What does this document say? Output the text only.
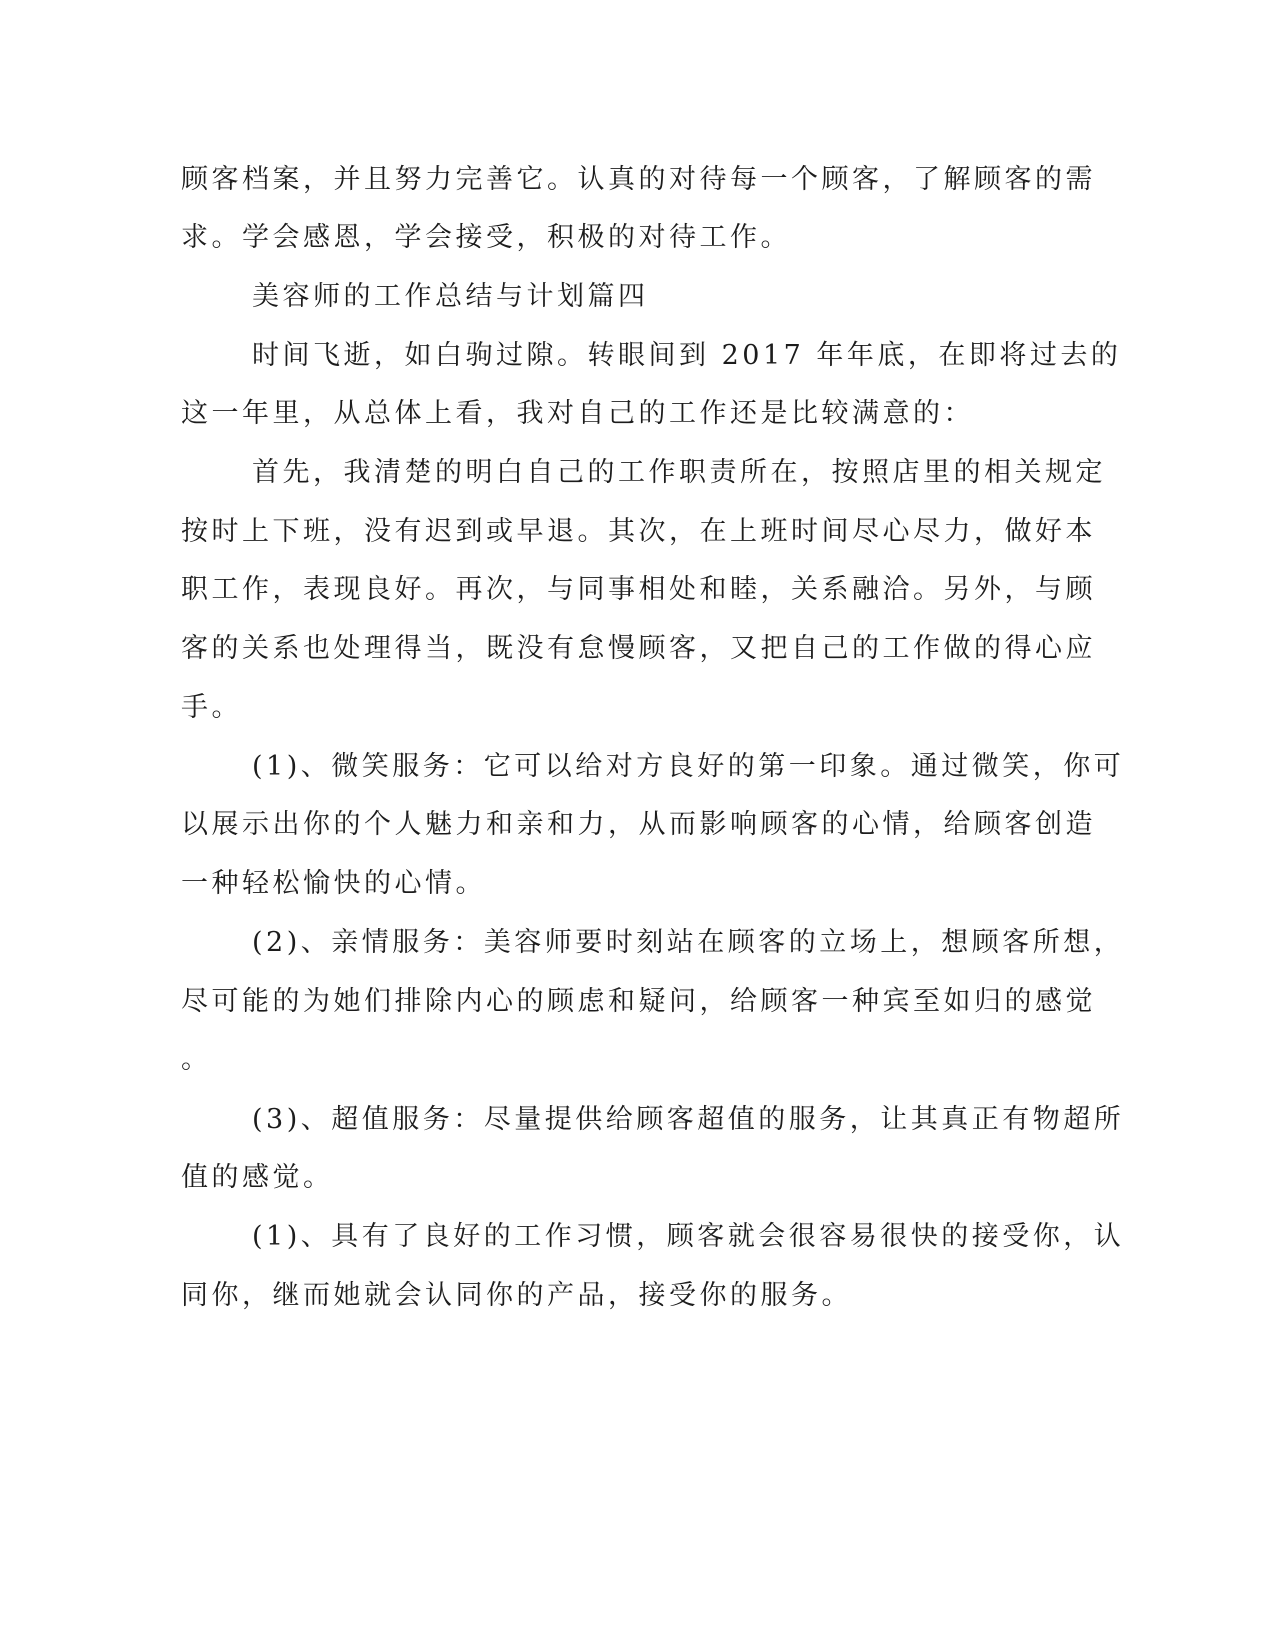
顾客档案，并且努力完善它。认真的对待每一个顾客，了解顾客的需
求。学会感恩，学会接受，积极的对待工作。
美容师的工作总结与计划篇四
时间飞逝，如白驹过隙。转眼间到 2017 年年底，在即将过去的
这一年里，从总体上看，我对自己的工作还是比较满意的：
首先，我清楚的明白自己的工作职责所在，按照店里的相关规定
按时上下班，没有迟到或早退。其次，在上班时间尽心尽力，做好本
职工作，表现良好。再次，与同事相处和睦，关系融洽。另外，与顾
客的关系也处理得当，既没有怠慢顾客，又把自己的工作做的得心应
手。
(1)、微笑服务：它可以给对方良好的第一印象。通过微笑，你可
以展示出你的个人魅力和亲和力，从而影响顾客的心情，给顾客创造
一种轻松愉快的心情。
(2)、亲情服务：美容师要时刻站在顾客的立场上，想顾客所想，
尽可能的为她们排除内心的顾虑和疑问，给顾客一种宾至如归的感觉
。
(3)、超值服务：尽量提供给顾客超值的服务，让其真正有物超所
值的感觉。
(1)、具有了良好的工作习惯，顾客就会很容易很快的接受你，认
同你，继而她就会认同你的产品，接受你的服务。
